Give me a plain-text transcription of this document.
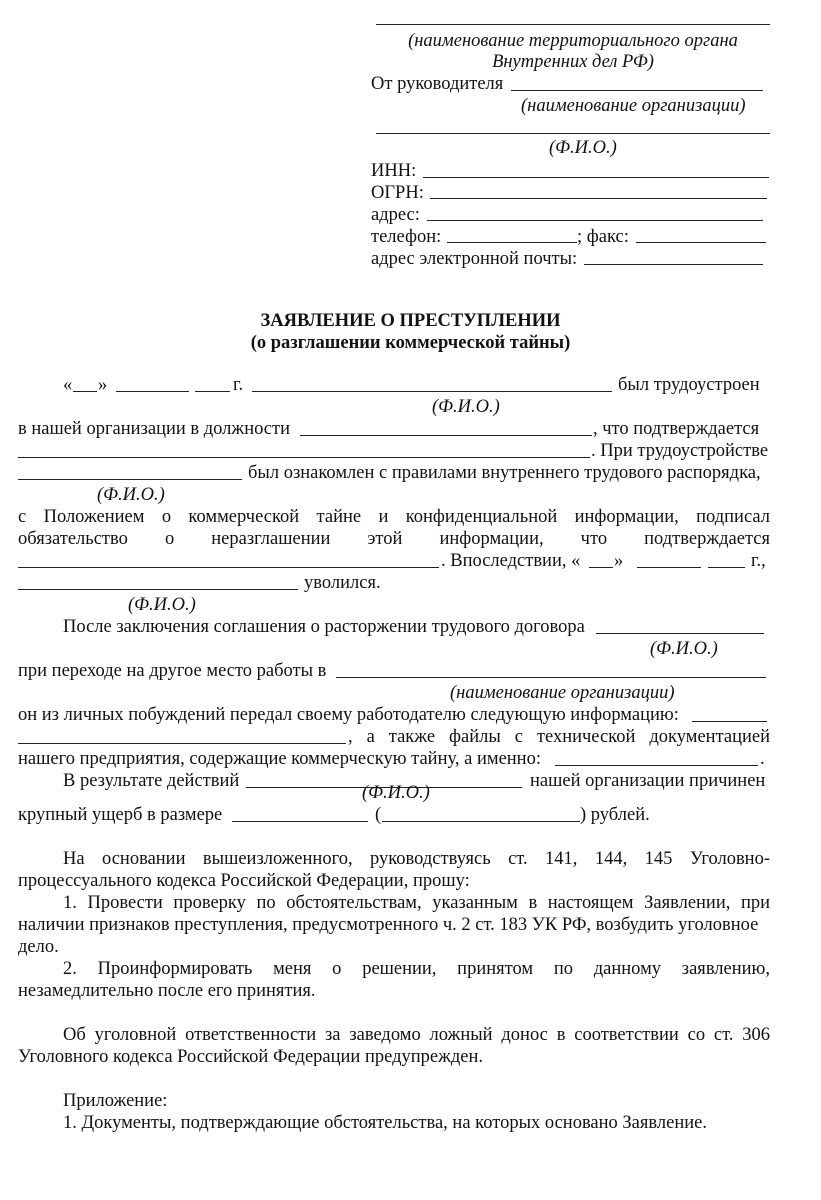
(наименование территориального органа
Внутренних дел РФ)
От руководителя
(наименование организации)
(Ф.И.О.)
ИНН:
ОГРН:
адрес:
телефон:	; факс:
адрес электронной почты:
ЗАЯВЛЕНИЕ О ПРЕСТУПЛЕНИИ
(о разглашении коммерческой тайны)
« »	г.	был трудоустроен
(Ф.И.О.)
в нашей организации в должности	, что подтверждается
. При трудоустройстве
был ознакомлен с правилами внутреннего трудового распорядка,
(Ф.И.О.)
с Положением о коммерческой тайне и конфиденциальной информации, подписал
обязательство о неразглашении этой информации, что подтверждается
. Впоследствии, « »	г.,
уволился.
(Ф.И.О.)
После заключения соглашения о расторжении трудового договора
(Ф.И.О.)
при переходе на другое место работы в
(наименование организации)
он из личных побуждений передал своему работодателю следующую информацию:
, а также файлы с технической документацией
нашего предприятия, содержащие коммерческую тайну, а именно:	.
В результате действий	нашей организации причинен
(Ф.И.О.)
крупный ущерб в размере	(	) рублей.
На основании вышеизложенного, руководствуясь ст. 141, 144, 145 Уголовно-
процессуального кодекса Российской Федерации, прошу:
1. Провести проверку по обстоятельствам, указанным в настоящем Заявлении, при
наличии признаков преступления, предусмотренного ч. 2 ст. 183 УК РФ, возбудить уголовное
дело.
2. Проинформировать меня о решении, принятом по данному заявлению,
незамедлительно после его принятия.
Об уголовной ответственности за заведомо ложный донос в соответствии со ст. 306
Уголовного кодекса Российской Федерации предупрежден.
Приложение:
1. Документы, подтверждающие обстоятельства, на которых основано Заявление.
